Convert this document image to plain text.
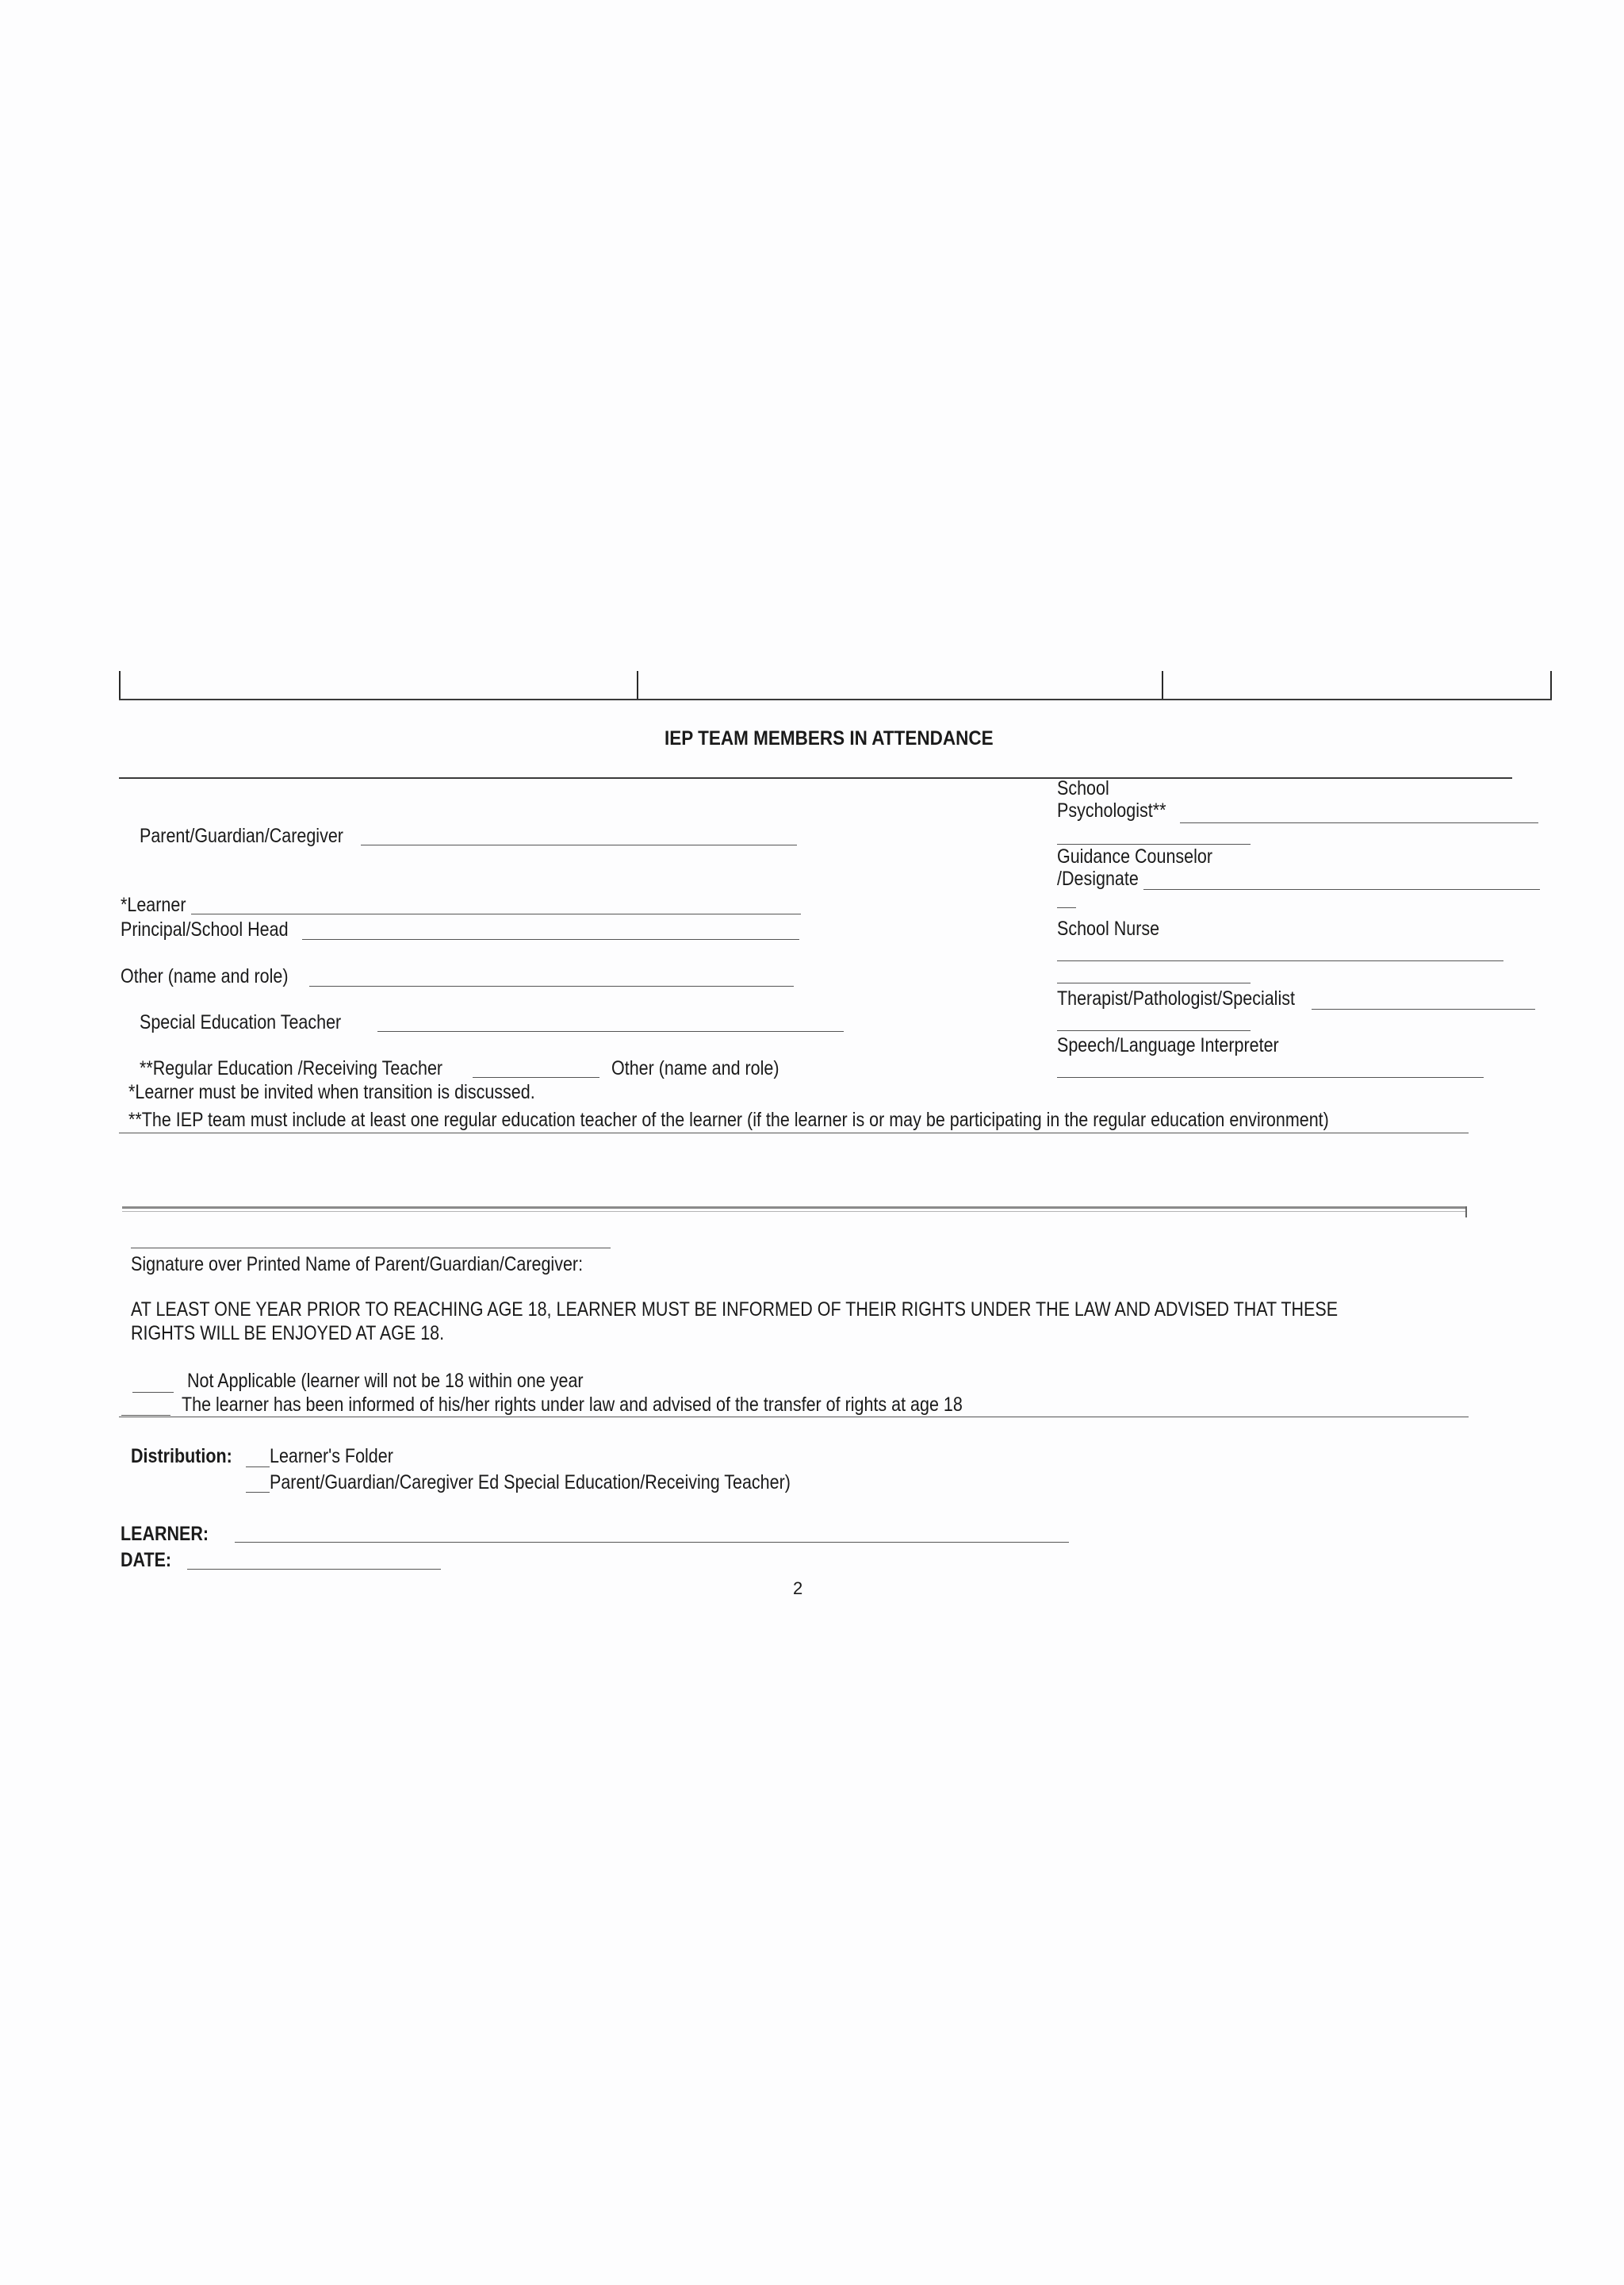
IEP TEAM MEMBERS IN ATTENDANCE
School
Psychologist**
Guidance Counselor
/Designate
School Nurse
Therapist/Pathologist/Specialist
Speech/Language Interpreter
Parent/Guardian/Caregiver
*Learner
Principal/School Head
Other (name and role)
Special Education Teacher
**Regular Education /Receiving Teacher	Other (name and role)
*Learner must be invited when transition is discussed.
**The IEP team must include at least one regular education teacher of the learner (if the learner is or may be participating in the regular education environment)
Signature over Printed Name of Parent/Guardian/Caregiver:
AT LEAST ONE YEAR PRIOR TO REACHING AGE 18, LEARNER MUST BE INFORMED OF THEIR RIGHTS UNDER THE LAW AND ADVISED THAT THESE
RIGHTS WILL BE ENJOYED AT AGE 18.
Not Applicable (learner will not be 18 within one year
The learner has been informed of his/her rights under law and advised of the transfer of rights at age 18
Distribution: Learner's Folder
Parent/Guardian/Caregiver Ed Special Education/Receiving Teacher)
LEARNER:
DATE:
2
